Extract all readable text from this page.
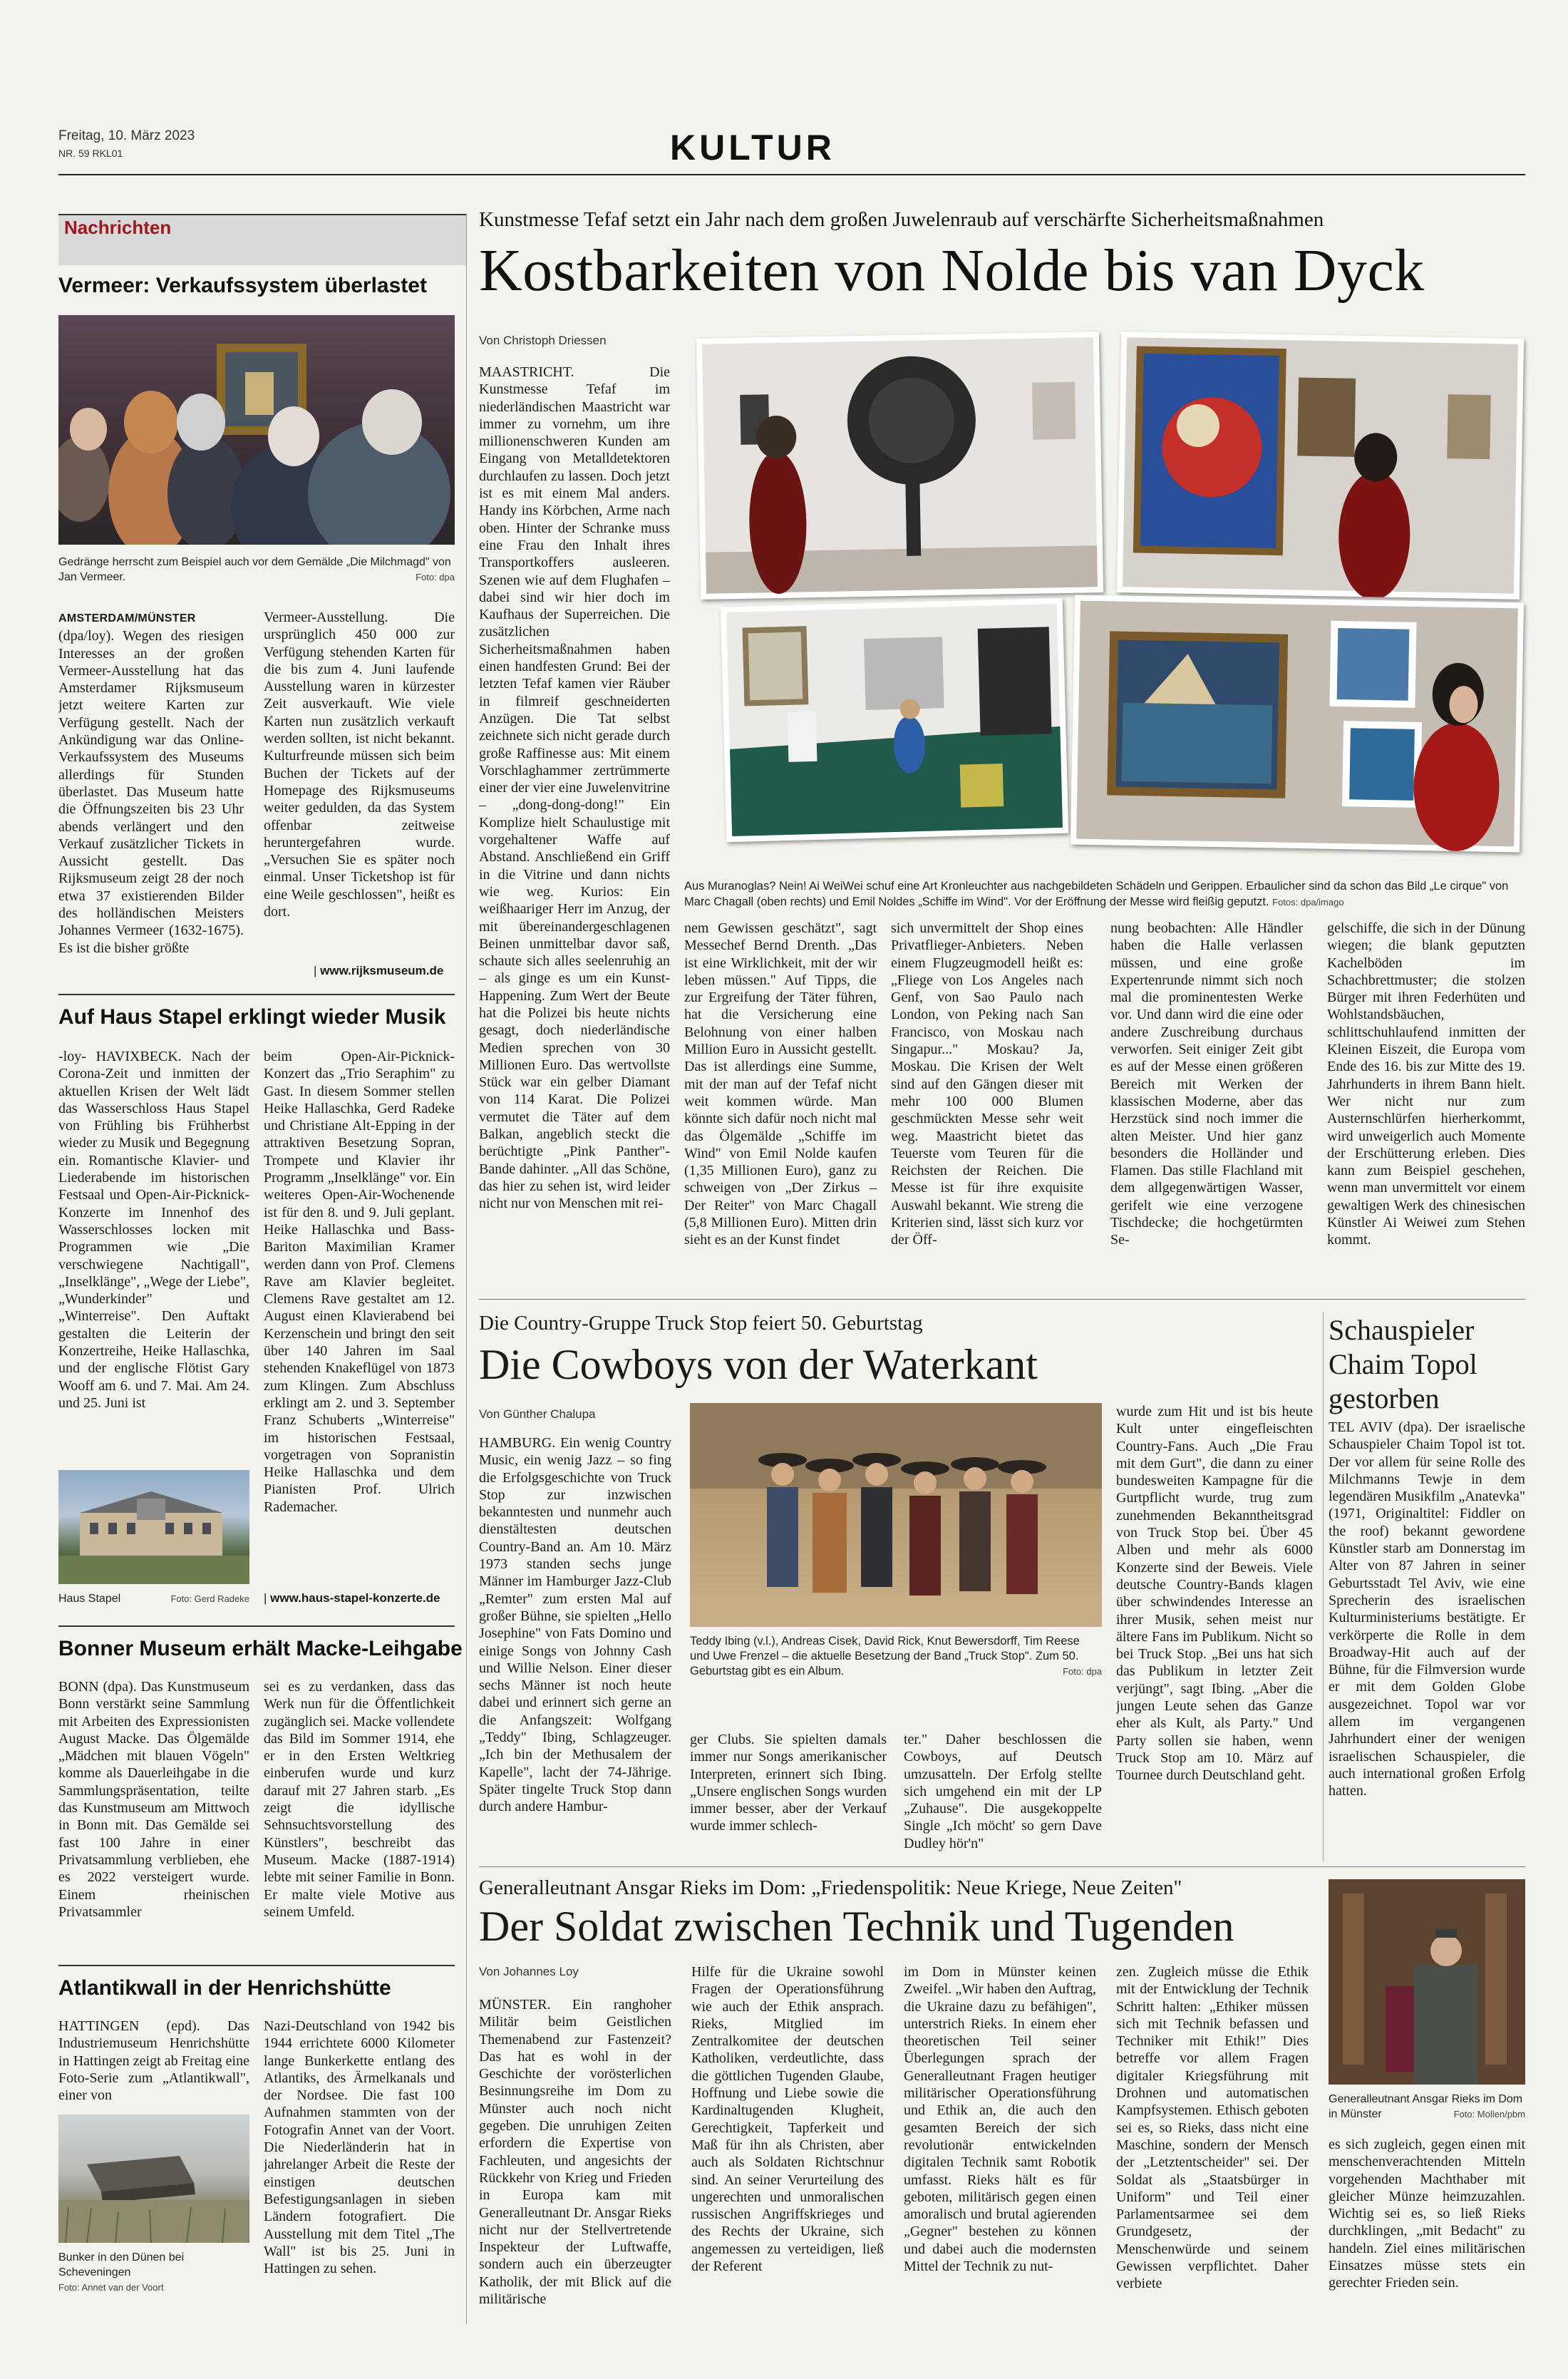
Freitag, 10. März 2023
NR. 59 RKL01	KULTUR
Nachrichten
Vermeer: Verkaufssystem überlastet
Gedränge herrscht zum Beispiel auch vor dem Gemälde „Die Milchmagd" von Jan Vermeer.	Foto: dpa
AMSTERDAM/MÜNSTER (dpa/loy). Wegen des riesigen Interesses an der großen Vermeer-Ausstellung hat das Amsterdamer Rijksmuseum jetzt weitere Karten zur Verfügung gestellt. Nach der Ankündigung war das Online-Verkaufssystem des Museums allerdings für Stunden überlastet. Das Museum hatte die Öffnungszeiten bis 23 Uhr abends verlängert und den Verkauf zusätzlicher Tickets in Aussicht gestellt. Das Rijksmuseum zeigt 28 der noch etwa 37 existierenden Bilder des holländischen Meisters Johannes Vermeer (1632-1675). Es ist die bisher größte
Vermeer-Ausstellung. Die ursprünglich 450 000 zur Verfügung stehenden Karten für die bis zum 4. Juni laufende Ausstellung waren in kürzester Zeit ausverkauft. Wie viele Karten nun zusätzlich verkauft werden sollten, ist nicht bekannt. Kulturfreunde müssen sich beim Buchen der Tickets auf der Homepage des Rijksmuseums weiter gedulden, da das System offenbar zeitweise heruntergefahren wurde. „Versuchen Sie es später noch einmal. Unser Ticketshop ist für eine Weile geschlossen", heißt es dort.
| www.rijksmuseum.de
Auf Haus Stapel erklingt wieder Musik
-loy- HAVIXBECK. Nach der Corona-Zeit und inmitten der aktuellen Krisen der Welt lädt das Wasserschloss Haus Stapel von Frühling bis Frühherbst wieder zu Musik und Begegnung ein. Romantische Klavier- und Liederabende im historischen Festsaal und Open-Air-Picknick-Konzerte im Innenhof des Wasserschlosses locken mit Programmen wie „Die verschwiegene Nachtigall", „Inselklänge", „Wege der Liebe", „Wunderkinder" und „Winterreise". Den Auftakt gestalten die Leiterin der Konzertreihe, Heike Hallaschka, und der englische Flötist Gary Wooff am 6. und 7. Mai. Am 24. und 25. Juni ist
Haus Stapel	Foto: Gerd Radeke
beim Open-Air-Picknick-Konzert das „Trio Seraphim" zu Gast. In diesem Sommer stellen Heike Hallaschka, Gerd Radeke und Christiane Alt-Epping in der attraktiven Besetzung Sopran, Trompete und Klavier ihr Programm „Inselklänge" vor. Ein weiteres Open-Air-Wochenende ist für den 8. und 9. Juli geplant. Heike Hallaschka und Bass-Bariton Maximilian Kramer werden dann von Prof. Clemens Rave am Klavier begleitet. Clemens Rave gestaltet am 12. August einen Klavierabend bei Kerzenschein und bringt den seit über 140 Jahren im Saal stehenden Knakeflügel von 1873 zum Klingen. Zum Abschluss erklingt am 2. und 3. September Franz Schuberts „Winterreise" im historischen Festsaal, vorgetragen von Sopranistin Heike Hallaschka und dem Pianisten Prof. Ulrich Rademacher.
| www.haus-stapel-konzerte.de
Bonner Museum erhält Macke-Leihgabe
BONN (dpa). Das Kunstmuseum Bonn verstärkt seine Sammlung mit Arbeiten des Expressionisten August Macke. Das Ölgemälde „Mädchen mit blauen Vögeln" komme als Dauerleihgabe in die Sammlungspräsentation, teilte das Kunstmuseum am Mittwoch in Bonn mit. Das Gemälde sei fast 100 Jahre in einer Privatsammlung verblieben, ehe es 2022 versteigert wurde. Einem rheinischen Privatsammler
sei es zu verdanken, dass das Werk nun für die Öffentlichkeit zugänglich sei. Macke vollendete das Bild im Sommer 1914, ehe er in den Ersten Weltkrieg einberufen wurde und kurz darauf mit 27 Jahren starb. „Es zeigt die idyllische Sehnsuchtsvorstellung des Künstlers", beschreibt das Museum. Macke (1887-1914) lebte mit seiner Familie in Bonn. Er malte viele Motive aus seinem Umfeld.
Atlantikwall in der Henrichshütte
HATTINGEN (epd). Das Industriemuseum Henrichshütte in Hattingen zeigt ab Freitag eine Foto-Serie zum „Atlantikwall", einer von
Bunker in den Dünen bei Scheveningen
Foto: Annet van der Voort
Nazi-Deutschland von 1942 bis 1944 errichtete 6000 Kilometer lange Bunkerkette entlang des Atlantiks, des Ärmelkanals und der Nordsee. Die fast 100 Aufnahmen stammten von der Fotografin Annet van der Voort. Die Niederländerin hat in jahrelanger Arbeit die Reste der einstigen deutschen Befestigungsanlagen in sieben Ländern fotografiert. Die Ausstellung mit dem Titel „The Wall" ist bis 25. Juni in Hattingen zu sehen.
Kunstmesse Tefaf setzt ein Jahr nach dem großen Juwelenraub auf verschärfte Sicherheitsmaßnahmen
Kostbarkeiten von Nolde bis van Dyck
Von Christoph Driessen
MAASTRICHT. Die Kunstmesse Tefaf im niederländischen Maastricht war immer zu vornehm, um ihre millionenschweren Kunden am Eingang von Metalldetektoren durchlaufen zu lassen. Doch jetzt ist es mit einem Mal anders. Handy ins Körbchen, Arme nach oben. Hinter der Schranke muss eine Frau den Inhalt ihres Transportkoffers ausleeren. Szenen wie auf dem Flughafen – dabei sind wir hier doch im Kaufhaus der Superreichen. Die zusätzlichen Sicherheitsmaßnahmen haben einen handfesten Grund: Bei der letzten Tefaf kamen vier Räuber in filmreif geschneiderten Anzügen. Die Tat selbst zeichnete sich nicht gerade durch große Raffinesse aus: Mit einem Vorschlaghammer zertrümmerte einer der vier eine Juwelenvitrine – „dong-dong-dong!" Ein Komplize hielt Schaulustige mit vorgehaltener Waffe auf Abstand. Anschließend ein Griff in die Vitrine und dann nichts wie weg. Kurios: Ein weißhaariger Herr im Anzug, der mit übereinandergeschlagenen Beinen unmittelbar davor saß, schaute sich alles seelenruhig an – als ginge es um ein Kunst-Happening. Zum Wert der Beute hat die Polizei bis heute nichts gesagt, doch niederländische Medien sprechen von 30 Millionen Euro. Das wertvollste Stück war ein gelber Diamant von 114 Karat. Die Polizei vermutet die Täter auf dem Balkan, angeblich steckt die berüchtigte „Pink Panther"-Bande dahinter. „All das Schöne, das hier zu sehen ist, wird leider nicht nur von Menschen mit rei-
Aus Muranoglas? Nein! Ai WeiWei schuf eine Art Kronleuchter aus nachgebildeten Schädeln und Gerippen. Erbaulicher sind da schon das Bild „Le cirque" von Marc Chagall (oben rechts) und Emil Noldes „Schiffe im Wind". Vor der Eröffnung der Messe wird fleißig geputzt. Fotos: dpa/imago
nem Gewissen geschätzt", sagt Messechef Bernd Drenth. „Das ist eine Wirklichkeit, mit der wir leben müssen." Auf Tipps, die zur Ergreifung der Täter führen, hat die Versicherung eine Belohnung von einer halben Million Euro in Aussicht gestellt. Das ist allerdings eine Summe, mit der man auf der Tefaf nicht weit kommen würde. Man könnte sich dafür noch nicht mal das Ölgemälde „Schiffe im Wind" von Emil Nolde kaufen (1,35 Millionen Euro), ganz zu schweigen von „Der Zirkus – Der Reiter" von Marc Chagall (5,8 Millionen Euro). Mitten drin sieht es an der Kunst findet
sich unvermittelt der Shop eines Privatflieger-Anbieters. Neben einem Flugzeugmodell heißt es: „Fliege von Los Angeles nach Genf, von Sao Paulo nach London, von Peking nach San Francisco, von Moskau nach Singapur..." Moskau? Ja, Moskau. Die Krisen der Welt sind auf den Gängen dieser mit mehr 100 000 Blumen geschmückten Messe sehr weit weg. Maastricht bietet das Teuerste vom Teuren für die Reichsten der Reichen. Die Messe ist für ihre exquisite Auswahl bekannt. Wie streng die Kriterien sind, lässt sich kurz vor der Öff-
nung beobachten: Alle Händler haben die Halle verlassen müssen, und eine große Expertenrunde nimmt sich noch mal die prominentesten Werke vor. Und dann wird die eine oder andere Zuschreibung durchaus verworfen. Seit einiger Zeit gibt es auf der Messe einen größeren Bereich mit Werken der klassischen Moderne, aber das Herzstück sind noch immer die alten Meister. Und hier ganz besonders die Holländer und Flamen. Das stille Flachland mit dem allgegenwärtigen Wasser, gerifelt wie eine verzogene Tischdecke; die hochgetürmten Se-
gelschiffe, die sich in der Dünung wiegen; die blank geputzten Kachelböden im Schachbrettmuster; die stolzen Bürger mit ihren Federhüten und Wohlstandsbäuchen, schlittschuhlaufend inmitten der Kleinen Eiszeit, die Europa vom Ende des 16. bis zur Mitte des 19. Jahrhunderts in ihrem Bann hielt. Wer nicht nur zum Austernschlürfen hierherkommt, wird unweigerlich auch Momente der Erschütterung erleben. Dies kann zum Beispiel geschehen, wenn man unvermittelt vor einem gewaltigen Werk des chinesischen Künstler Ai Weiwei zum Stehen kommt.
Die Country-Gruppe Truck Stop feiert 50. Geburtstag
Die Cowboys von der Waterkant
Von Günther Chalupa
HAMBURG. Ein wenig Country Music, ein wenig Jazz – so fing die Erfolgsgeschichte von Truck Stop zur inzwischen bekanntesten und nunmehr auch dienstältesten deutschen Country-Band an. Am 10. März 1973 standen sechs junge Männer im Hamburger Jazz-Club „Remter" zum ersten Mal auf großer Bühne, sie spielten „Hello Josephine" von Fats Domino und einige Songs von Johnny Cash und Willie Nelson. Einer dieser sechs Männer ist noch heute dabei und erinnert sich gerne an die Anfangszeit: Wolfgang „Teddy" Ibing, Schlagzeuger. „Ich bin der Methusalem der Kapelle", lacht der 74-Jährige. Später tingelte Truck Stop dann durch andere Hambur-
Teddy Ibing (v.l.), Andreas Cisek, David Rick, Knut Bewersdorff, Tim Reese und Uwe Frenzel – die aktuelle Besetzung der Band „Truck Stop". Zum 50. Geburtstag gibt es ein Album.	Foto: dpa
ger Clubs. Sie spielten damals immer nur Songs amerikanischer Interpreten, erinnert sich Ibing. „Unsere englischen Songs wurden immer besser, aber der Verkauf wurde immer schlech-
ter." Daher beschlossen die Cowboys, auf Deutsch umzusatteln. Der Erfolg stellte sich umgehend ein mit der LP „Zuhause". Die ausgekoppelte Single „Ich möcht' so gern Dave Dudley hör'n"
wurde zum Hit und ist bis heute Kult unter eingefleischten Country-Fans. Auch „Die Frau mit dem Gurt", die dann zu einer bundesweiten Kampagne für die Gurtpflicht wurde, trug zum zunehmenden Bekanntheitsgrad von Truck Stop bei. Über 45 Alben und mehr als 6000 Konzerte sind der Beweis. Viele deutsche Country-Bands klagen über schwindendes Interesse an ihrer Musik, sehen meist nur ältere Fans im Publikum. Nicht so bei Truck Stop. „Bei uns hat sich das Publikum in letzter Zeit verjüngt", sagt Ibing. „Aber die jungen Leute sehen das Ganze eher als Kult, als Party." Und Party sollen sie haben, wenn Truck Stop am 10. März auf Tournee durch Deutschland geht.
Schauspieler Chaim Topol gestorben
TEL AVIV (dpa). Der israelische Schauspieler Chaim Topol ist tot. Der vor allem für seine Rolle des Milchmanns Tewje in dem legendären Musikfilm „Anatevka" (1971, Originaltitel: Fiddler on the roof) bekannt gewordene Künstler starb am Donnerstag im Alter von 87 Jahren in seiner Geburtsstadt Tel Aviv, wie eine Sprecherin des israelischen Kulturministeriums bestätigte. Er verkörperte die Rolle in dem Broadway-Hit auch auf der Bühne, für die Filmversion wurde er mit dem Golden Globe ausgezeichnet. Topol war vor allem im vergangenen Jahrhundert einer der wenigen israelischen Schauspieler, die auch international großen Erfolg hatten.
Generalleutnant Ansgar Rieks im Dom: „Friedenspolitik: Neue Kriege, Neue Zeiten"
Der Soldat zwischen Technik und Tugenden
Von Johannes Loy
MÜNSTER. Ein ranghoher Militär beim Geistlichen Themenabend zur Fastenzeit? Das hat es wohl in der Geschichte der vorösterlichen Besinnungsreihe im Dom zu Münster auch noch nicht gegeben. Die unruhigen Zeiten erfordern die Expertise von Fachleuten, und angesichts der Rückkehr von Krieg und Frieden in Europa kam mit Generalleutnant Dr. Ansgar Rieks nicht nur der Stellvertretende Inspekteur der Luftwaffe, sondern auch ein überzeugter Katholik, der mit Blick auf die militärische
Hilfe für die Ukraine sowohl Fragen der Operationsführung wie auch der Ethik ansprach. Rieks, Mitglied im Zentralkomitee der deutschen Katholiken, verdeutlichte, dass die göttlichen Tugenden Glaube, Hoffnung und Liebe sowie die Kardinaltugenden Klugheit, Gerechtigkeit, Tapferkeit und Maß für ihn als Christen, aber auch als Soldaten Richtschnur sind. An seiner Verurteilung des ungerechten und unmoralischen russischen Angriffskrieges und des Rechts der Ukraine, sich angemessen zu verteidigen, ließ der Referent
im Dom in Münster keinen Zweifel. „Wir haben den Auftrag, die Ukraine dazu zu befähigen", unterstrich Rieks. In einem eher theoretischen Teil seiner Überlegungen sprach der Generalleutnant Fragen heutiger militärischer Operationsführung und Ethik an, die auch den gesamten Bereich der sich revolutionär entwickelnden digitalen Technik samt Robotik umfasst. Rieks hält es für geboten, militärisch gegen einen amoralisch und brutal agierenden „Gegner" bestehen zu können und dabei auch die modernsten Mittel der Technik zu nut-
zen. Zugleich müsse die Ethik mit der Entwicklung der Technik Schritt halten: „Ethiker müssen sich mit Technik befassen und Techniker mit Ethik!" Dies betreffe vor allem Fragen digitaler Kriegsführung mit Drohnen und automatischen Kampfsystemen. Ethisch geboten sei es, so Rieks, dass nicht eine Maschine, sondern der Mensch der „Letztentscheider" sei. Der Soldat als „Staatsbürger in Uniform" und Teil einer Parlamentsarmee sei dem Grundgesetz, der Menschenwürde und seinem Gewissen verpflichtet. Daher verbiete
Generalleutnant Ansgar Rieks im Dom in Münster	Foto: Mollen/pbm
es sich zugleich, gegen einen mit menschenverachtenden Mitteln vorgehenden Machthaber mit gleicher Münze heimzuzahlen. Wichtig sei es, so ließ Rieks durchklingen, „mit Bedacht" zu handeln. Ziel eines militärischen Einsatzes müsse stets ein gerechter Frieden sein.
